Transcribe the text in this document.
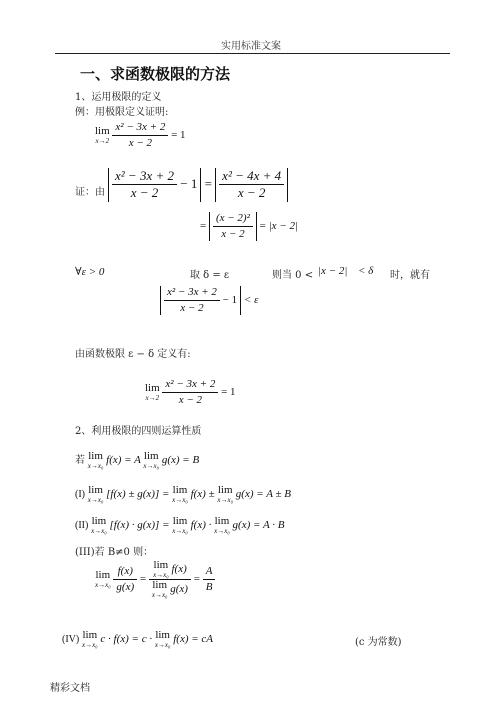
实用标准文案
一、求函数极限的方法
1、运用极限的定义
例：用极限定义证明:
lim
x→2
$\frac{\text{x² − 3x + 2}}{x - 2} = 1$
证：由 $\frac{\text{x² − 3x + 2}}{x - 2} - 1 = \frac{\text{x² − 4x + 4}}{x - 2}$
= $\frac{\text{(x − 2)²}}{x - 2} = |x - 2|$
∀ε > 0	取 δ = ε	则当 0 < |x − 2| < δ 时，就有
$\frac{\text{x² − 3x + 2}}{x - 2} - 1 < \varepsilon$
由函数极限 ε − δ 定义有:
lim
x→2
$\frac{\text{x² − 3x + 2}}{x - 2} = 1$
2、利用极限的四则运算性质
若 lim
x→x₀ f(x) = A lim
x→x₀ g(x) = B
(I) lim
x→x₀ [f(x) ± g(x)] = lim
x→x₀ f(x) ± lim
x→x₀ g(x) = A ± B
(II) lim
x→x₀ [f(x) · g(x)] = lim
x→x₀ f(x) · lim
x→x₀ g(x) = A · B
(III)若 B≠0 则：
lim
x→x₀
$\frac{f(x)}{g(x)} = \lim$
x→x₀ f(x)
lim
x→x₀ $g(x) = \frac{A}{B}$
(IV) lim
x→x₀ c · f(x) = c · lim
x→x₀ f(x) = cA	(c 为常数)
精彩文档
